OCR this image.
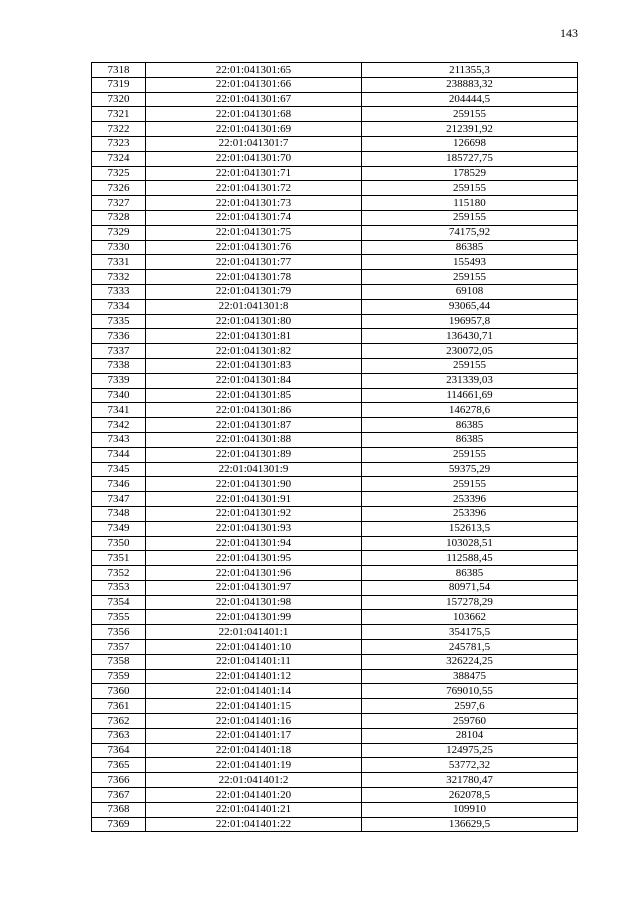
143
7318	22:01:041301:65	211355,3
7319	22:01:041301:66	238883,32
7320	22:01:041301:67	204444,5
7321	22:01:041301:68	259155
7322	22:01:041301:69	212391,92
7323	22:01:041301:7	126698
7324	22:01:041301:70	185727,75
7325	22:01:041301:71	178529
7326	22:01:041301:72	259155
7327	22:01:041301:73	115180
7328	22:01:041301:74	259155
7329	22:01:041301:75	74175,92
7330	22:01:041301:76	86385
7331	22:01:041301:77	155493
7332	22:01:041301:78	259155
7333	22:01:041301:79	69108
7334	22:01:041301:8	93065,44
7335	22:01:041301:80	196957,8
7336	22:01:041301:81	136430,71
7337	22:01:041301:82	230072,05
7338	22:01:041301:83	259155
7339	22:01:041301:84	231339,03
7340	22:01:041301:85	114661,69
7341	22:01:041301:86	146278,6
7342	22:01:041301:87	86385
7343	22:01:041301:88	86385
7344	22:01:041301:89	259155
7345	22:01:041301:9	59375,29
7346	22:01:041301:90	259155
7347	22:01:041301:91	253396
7348	22:01:041301:92	253396
7349	22:01:041301:93	152613,5
7350	22:01:041301:94	103028,51
7351	22:01:041301:95	112588,45
7352	22:01:041301:96	86385
7353	22:01:041301:97	80971,54
7354	22:01:041301:98	157278,29
7355	22:01:041301:99	103662
7356	22:01:041401:1	354175,5
7357	22:01:041401:10	245781,5
7358	22:01:041401:11	326224,25
7359	22:01:041401:12	388475
7360	22:01:041401:14	769010,55
7361	22:01:041401:15	2597,6
7362	22:01:041401:16	259760
7363	22:01:041401:17	28104
7364	22:01:041401:18	124975,25
7365	22:01:041401:19	53772,32
7366	22:01:041401:2	321780,47
7367	22:01:041401:20	262078,5
7368	22:01:041401:21	109910
7369	22:01:041401:22	136629,5
